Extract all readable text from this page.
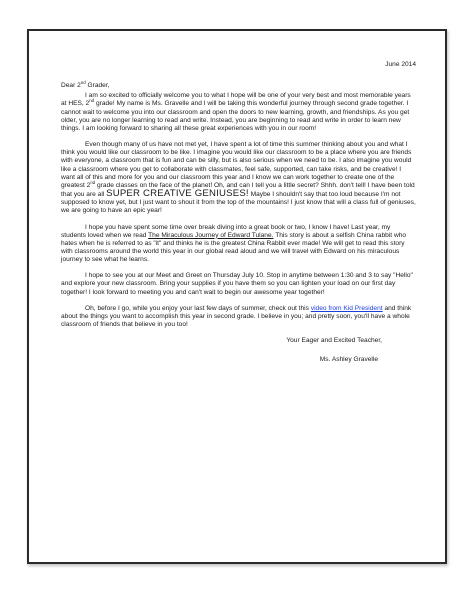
June 2014
Dear 2nd Grader,

I am so excited to officially welcome you to what I hope will be one of your very best and most memorable years at HES, 2nd grade! My name is Ms. Gravelle and I will be taking this wonderful journey through second grade together. I cannot wait to welcome you into our classroom and open the doors to new learning, growth, and friendships. As you get older, you are no longer learning to read and write. Instead, you are beginning to read and write in order to learn new things. I am looking forward to sharing all these great experiences with you in our room!

Even though many of us have not met yet, I have spent a lot of time this summer thinking about you and what I think you would like our classroom to be like. I imagine you would like our classroom to be a place where you are friends with everyone, a classroom that is fun and can be silly, but is also serious when we need to be. I also imagine you would like a classroom where you get to collaborate with classmates, feel safe, supported, can take risks, and be creative! I want all of this and more for you and our classroom this year and I know we can work together to create one of the greatest 2nd grade classes on the face of the planet! Oh, and can I tell you a little secret? Shhh. don't tell! I have been told that you are all SUPER CREATIVE GENIUSES! Maybe I shouldn't say that too loud because I'm not supposed to know yet, but I just want to shout it from the top of the mountains! I just know that will a class full of geniuses, we are going to have an epic year!

I hope you have spent some time over break diving into a great book or two, I know I have! Last year, my students loved when we read The Miraculous Journey of Edward Tulane. This story is about a selfish China rabbit who hates when he is referred to as "it" and thinks he is the greatest China Rabbit ever made! We will get to read this story with classrooms around the world this year in our global read aloud and we will travel with Edward on his miraculous journey to see what he learns.

I hope to see you at our Meet and Greet on Thursday July 10. Stop in anytime between 1:30 and 3 to say "Hello" and explore your new classroom. Bring your supplies if you have them so you can lighten your load on our first day together! I look forward to meeting you and can't wait to begin our awesome year together!

Oh, before I go, while you enjoy your last few days of summer, check out this video from Kid President and think about the things you want to accomplish this year in second grade. I believe in you; and pretty soon, you'll have a whole classroom of friends that believe in you too!

Your Eager and Excited Teacher,
Ms. Ashley Gravelle
